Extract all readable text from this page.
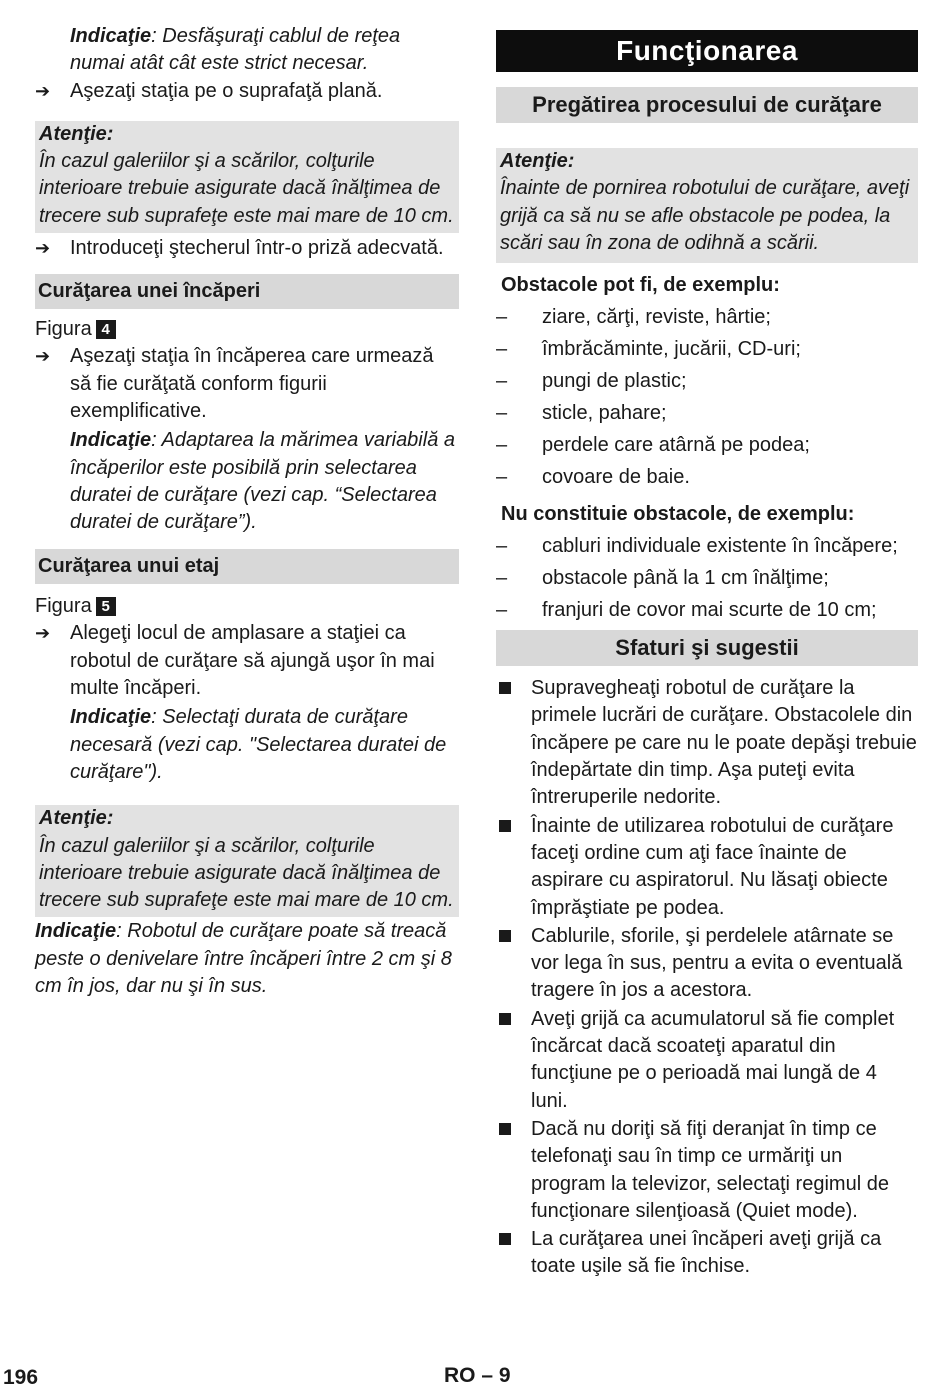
Indicaţie: Desfăşuraţi cablul de reţea numai atât cât este strict necesar.

➔ Aşezaţi staţia pe o suprafaţă plană.
Atenţie:
În cazul galeriilor şi a scărilor, colţurile interioare trebuie asigurate dacă înălţimea de trecere sub suprafeţe este mai mare de 10 cm.
➔ Introduceţi ştecherul într-o priză adecvată.
Curăţarea unei încăperi
Figura 4
➔ Aşezaţi staţia în încăperea care urmează să fie curăţată conform figurii exemplificative.

Indicaţie: Adaptarea la mărimea variabilă a încăperilor este posibilă prin selectarea duratei de curăţare (vezi cap. “Selectarea duratei de curăţare”).

Curăţarea unui etaj
Figura 5
➔ Alegeţi locul de amplasare a staţiei ca robotul de curăţare să ajungă uşor în mai multe încăperi.

Indicaţie: Selectaţi durata de curăţare necesară (vezi cap. "Selectarea duratei de curăţare").

Atenţie:
În cazul galeriilor şi a scărilor, colţurile interioare trebuie asigurate dacă înălţimea de trecere sub suprafeţe este mai mare de 10 cm.

Indicaţie: Robotul de curăţare poate să treacă peste o denivelare între încăperi între 2 cm şi 8 cm în jos, dar nu şi în sus.

Funcţionarea
Pregătirea procesului de curăţare
Atenţie:
Înainte de pornirea robotului de curăţare, aveţi grijă ca să nu se afle obstacole pe podea, la scări sau în zona de odihnă a scării.
Obstacole pot fi, de exemplu:
–	ziare, cărţi, reviste, hârtie;
–	îmbrăcăminte, jucării, CD-uri;
–	pungi de plastic;
–	sticle, pahare;
–	perdele care atârnă pe podea;
–	covoare de baie.
Nu constituie obstacole, de exemplu:
–	cabluri individuale existente în încăpere;
–	obstacole până la 1 cm înălţime;
–	franjuri de covor mai scurte de 10 cm;
Sfaturi şi sugestii
Supravegheaţi robotul de curăţare la primele lucrări de curăţare. Obstacolele din încăpere pe care nu le poate depăşi trebuie îndepărtate din timp. Aşa puteţi evita întreruperile nedorite.
Înainte de utilizarea robotului de curăţare faceţi ordine cum aţi face înainte de aspirare cu aspiratorul. Nu lăsaţi obiecte împrăştiate pe podea.
Cablurile, sforile, şi perdelele atârnate se vor lega în sus, pentru a evita o eventuală tragere în jos a acestora.
Aveţi grijă ca acumulatorul să fie complet încărcat dacă scoateţi aparatul din funcţiune pe o perioadă mai lungă de 4 luni.
Dacă nu doriţi să fiţi deranjat în timp ce telefonaţi sau în timp ce urmăriţi un program la televizor, selectaţi regimul de funcţionare silenţioasă (Quiet mode).
La curăţarea unei încăperi aveţi grijă ca toate uşile să fie închise.
196	RO – 9
